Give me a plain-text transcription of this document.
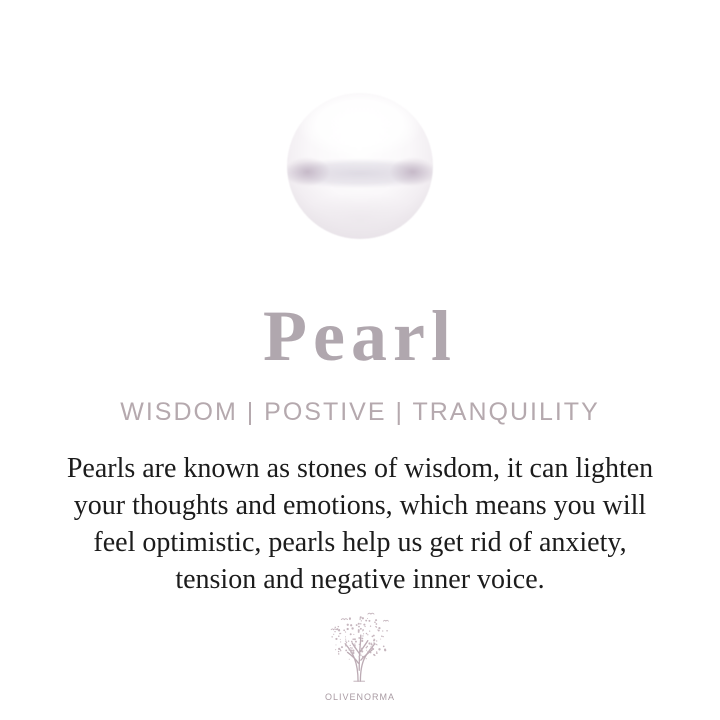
Pearl
WISDOM | POSTIVE | TRANQUILITY
Pearls are known as stones of wisdom, it can lighten
your thoughts and emotions, which means you will
feel optimistic, pearls help us get rid of anxiety,
tension and negative inner voice.
OLIVENORMA
